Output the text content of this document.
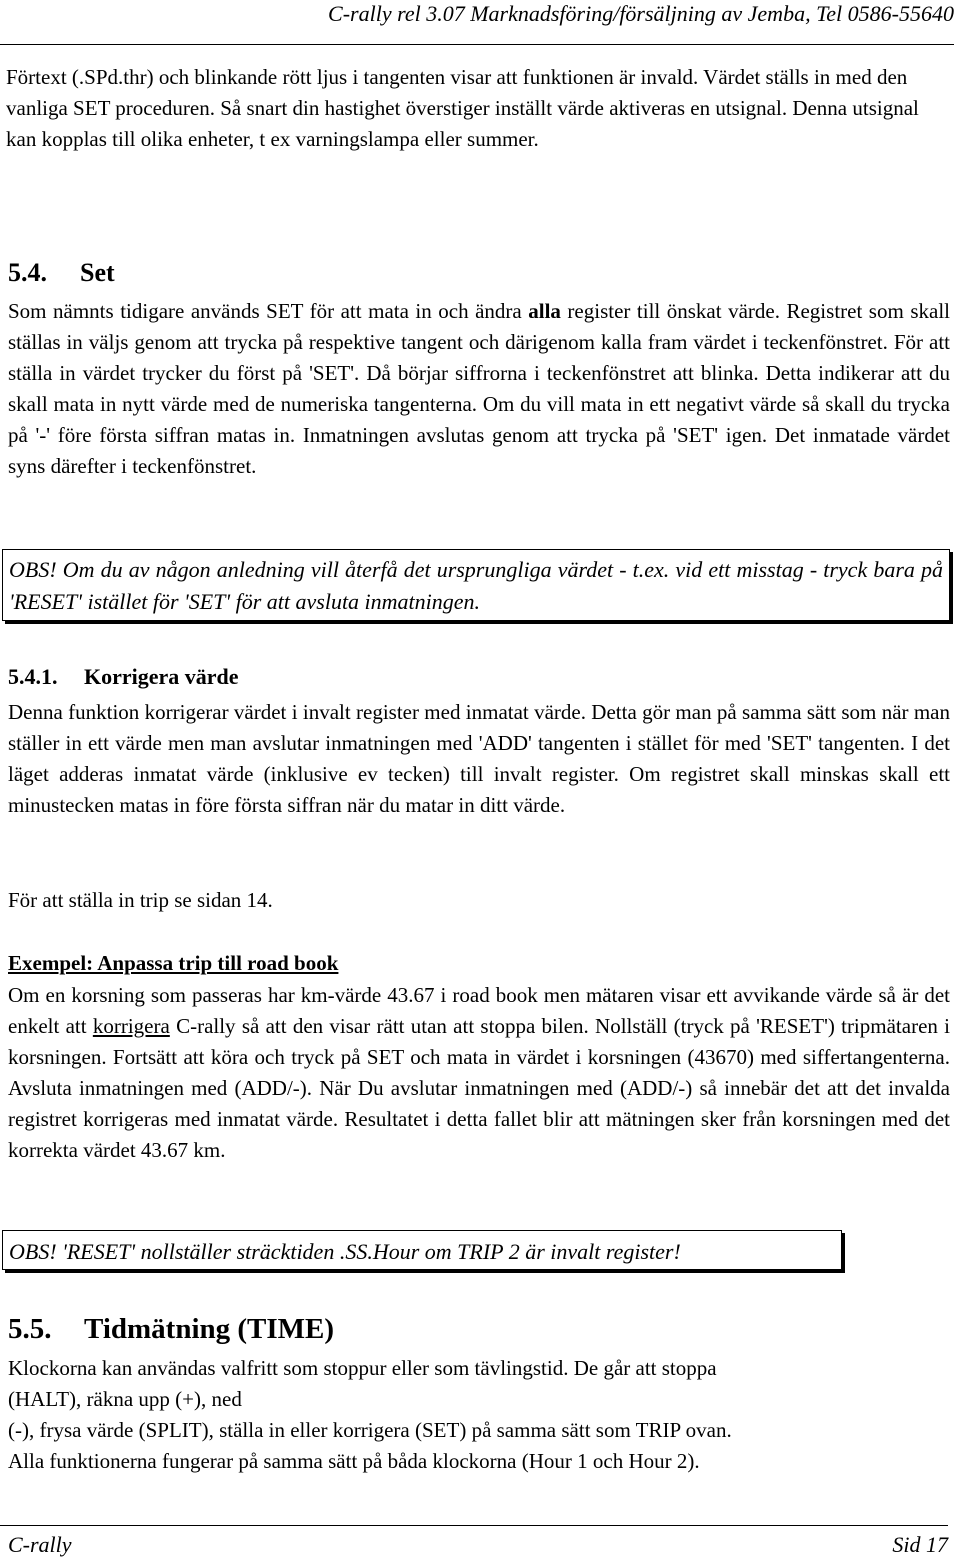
C-rally rel 3.07 Marknadsföring/försäljning av Jemba, Tel 0586-55640

Förtext (.SPd.thr) och blinkande rött ljus i tangenten visar att funktionen är invald. Värdet ställs in med den vanliga SET proceduren. Så snart din hastighet överstiger inställt värde aktiveras en utsignal. Denna utsignal kan kopplas till olika enheter, t ex varningslampa eller summer.

5.4. Set

Som nämnts tidigare används SET för att mata in och ändra alla register till önskat värde. Registret som skall ställas in väljs genom att trycka på respektive tangent och därigenom kalla fram värdet i teckenfönstret. För att ställa in värdet trycker du först på 'SET'. Då börjar siffrorna i teckenfönstret att blinka. Detta indikerar att du skall mata in nytt värde med de numeriska tangenterna. Om du vill mata in ett negativt värde så skall du trycka på '-' före första siffran matas in. Inmatningen avslutas genom att trycka på 'SET' igen. Det inmatade värdet syns därefter i teckenfönstret.

OBS! Om du av någon anledning vill återfå det ursprungliga värdet - t.ex. vid ett misstag - tryck bara på 'RESET' istället för 'SET' för att avsluta inmatningen.
5.4.1. Korrigera värde

Denna funktion korrigerar värdet i invalt register med inmatat värde. Detta gör man på samma sätt som när man ställer in ett värde men man avslutar inmatningen med 'ADD' tangenten i stället för med 'SET' tangenten. I det läget adderas inmatat värde (inklusive ev tecken) till invalt register. Om registret skall minskas skall ett minustecken matas in före första siffran när du matar in ditt värde.

För att ställa in trip se sidan 14.

Exempel: Anpassa trip till road book

Om en korsning som passeras har km-värde 43.67 i road book men mätaren visar ett avvikande värde så är det enkelt att korrigera C-rally så att den visar rätt utan att stoppa bilen. Nollställ (tryck på 'RESET') tripmätaren i korsningen. Fortsätt att köra och tryck på SET och mata in värdet i korsningen (43670) med siffertangenterna. Avsluta inmatningen med (ADD/-). När Du avslutar inmatningen med (ADD/-) så innebär det att det invalda registret korrigeras med inmatat värde. Resultatet i detta fallet blir att mätningen sker från korsningen med det korrekta värdet 43.67 km.

OBS! 'RESET' nollställer sträcktiden .SS.Hour om TRIP 2 är invalt register!
5.5. Tidmätning (TIME)
Klockorna kan användas valfritt som stoppur eller som tävlingstid. De går att stoppa
(HALT), räkna upp (+), ned
(-), frysa värde (SPLIT), ställa in eller korrigera (SET) på samma sätt som TRIP ovan.
Alla funktionerna fungerar på samma sätt på båda klockorna (Hour 1 och Hour 2).
C-rally	Sid 17
